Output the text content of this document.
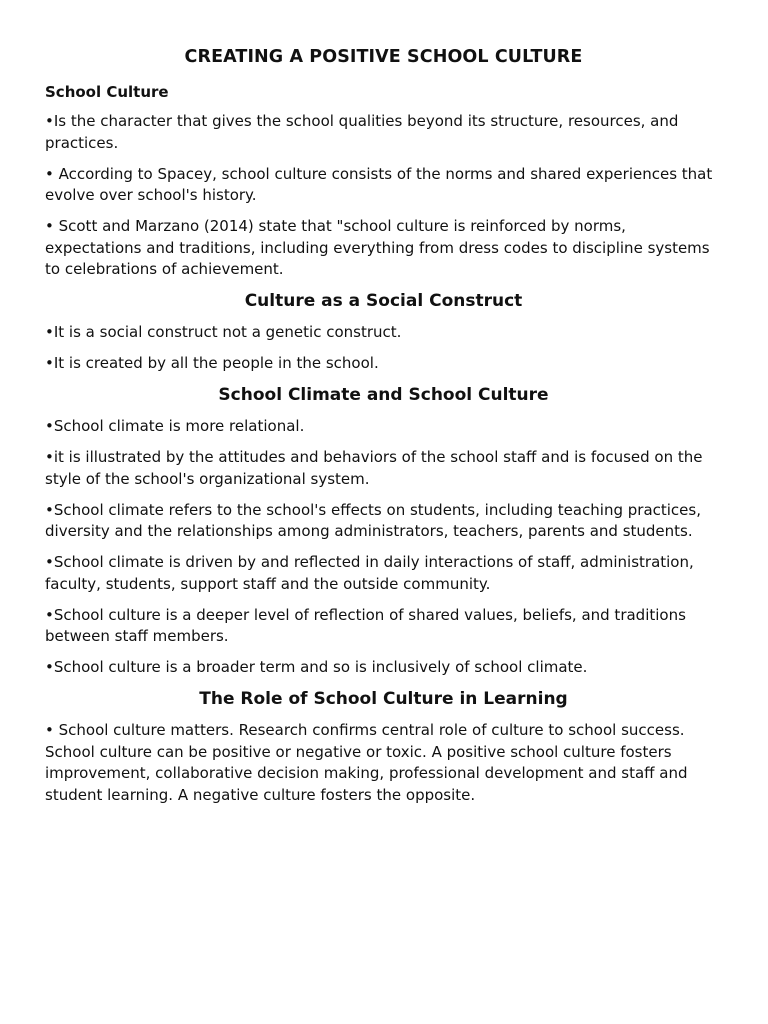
CREATING A POSITIVE SCHOOL CULTURE
School Culture

•Is the character that gives the school qualities beyond its structure, resources, and practices.

• According to Spacey, school culture consists of the norms and shared experiences that evolve over school's history.

• Scott and Marzano (2014) state that "school culture is reinforced by norms, expectations and traditions, including everything from dress codes to discipline systems to celebrations of achievement.

Culture as a Social Construct

•It is a social construct not a genetic construct.

•It is created by all the people in the school.

School Climate and School Culture

•School climate is more relational.

•it is illustrated by the attitudes and behaviors of the school staff and is focused on the style of the school's organizational system.

•School climate refers to the school's effects on students, including teaching practices, diversity and the relationships among administrators, teachers, parents and students.

•School climate is driven by and reflected in daily interactions of staff, administration, faculty, students, support staff and the outside community.

•School culture is a deeper level of reflection of shared values, beliefs, and traditions between staff members.

•School culture is a broader term and so is inclusively of school climate.

The Role of School Culture in Learning

• School culture matters. Research confirms central role of culture to school success. School culture can be positive or negative or toxic. A positive school culture fosters improvement, collaborative decision making, professional development and staff and student learning. A negative culture fosters the opposite.
